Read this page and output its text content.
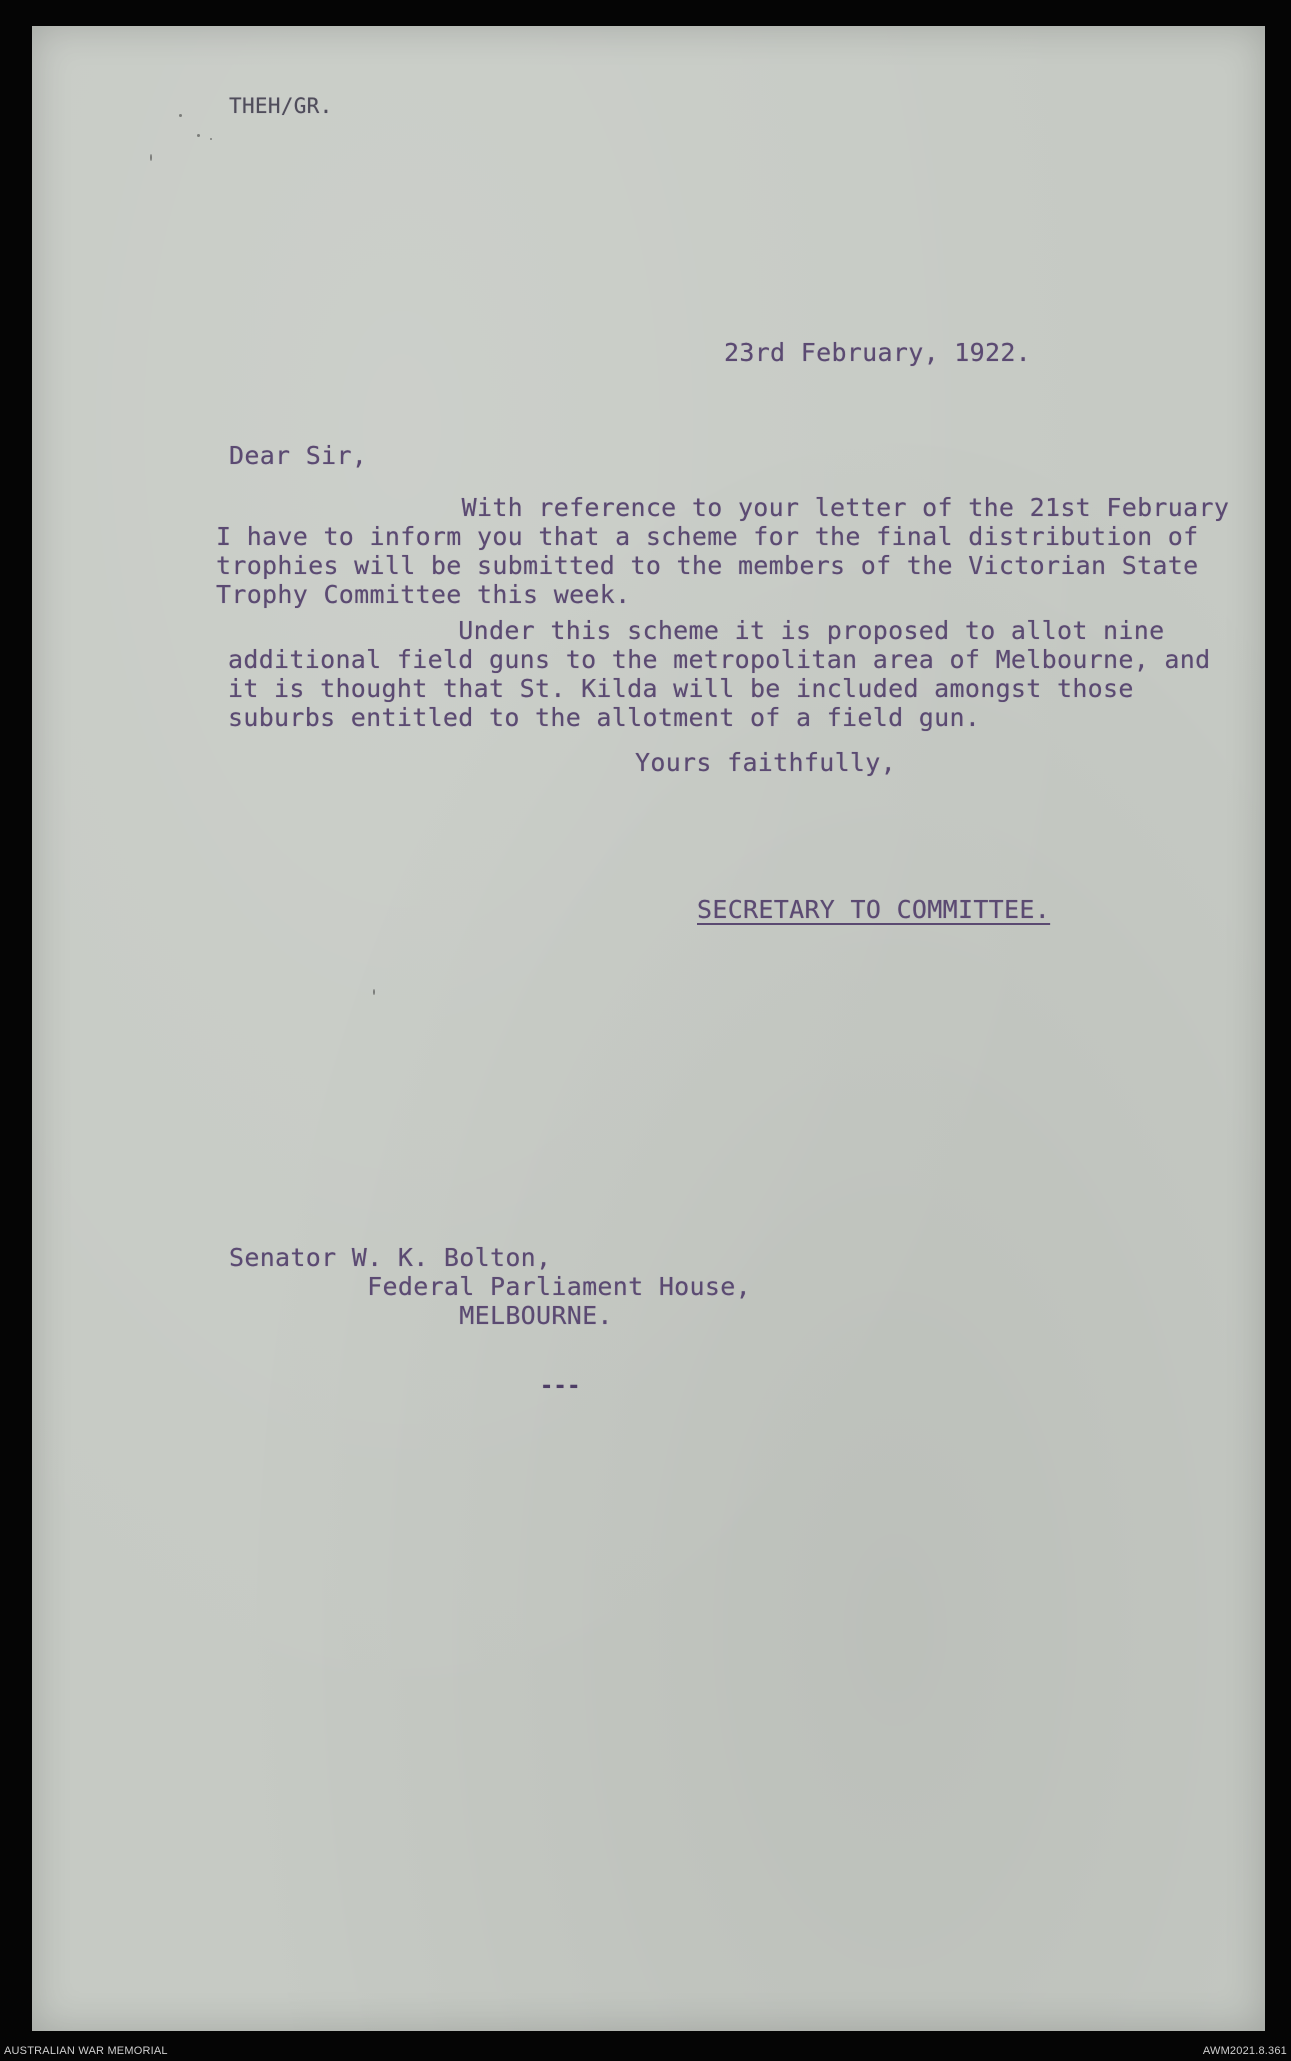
THEH/GR.
23rd February, 1922.
Dear Sir,
With reference to your letter of the 21st February
I have to inform you that a scheme for the final distribution of
trophies will be submitted to the members of the Victorian State
Trophy Committee this week.
Under this scheme it is proposed to allot nine
additional field guns to the metropolitan area of Melbourne, and
it is thought that St. Kilda will be included amongst those
suburbs entitled to the allotment of a field gun.
Yours faithfully,
SECRETARY TO COMMITTEE.
Senator W. K. Bolton,
Federal Parliament House,
MELBOURNE.
---
AUSTRALIAN WAR MEMORIAL	AWM2021.8.361
